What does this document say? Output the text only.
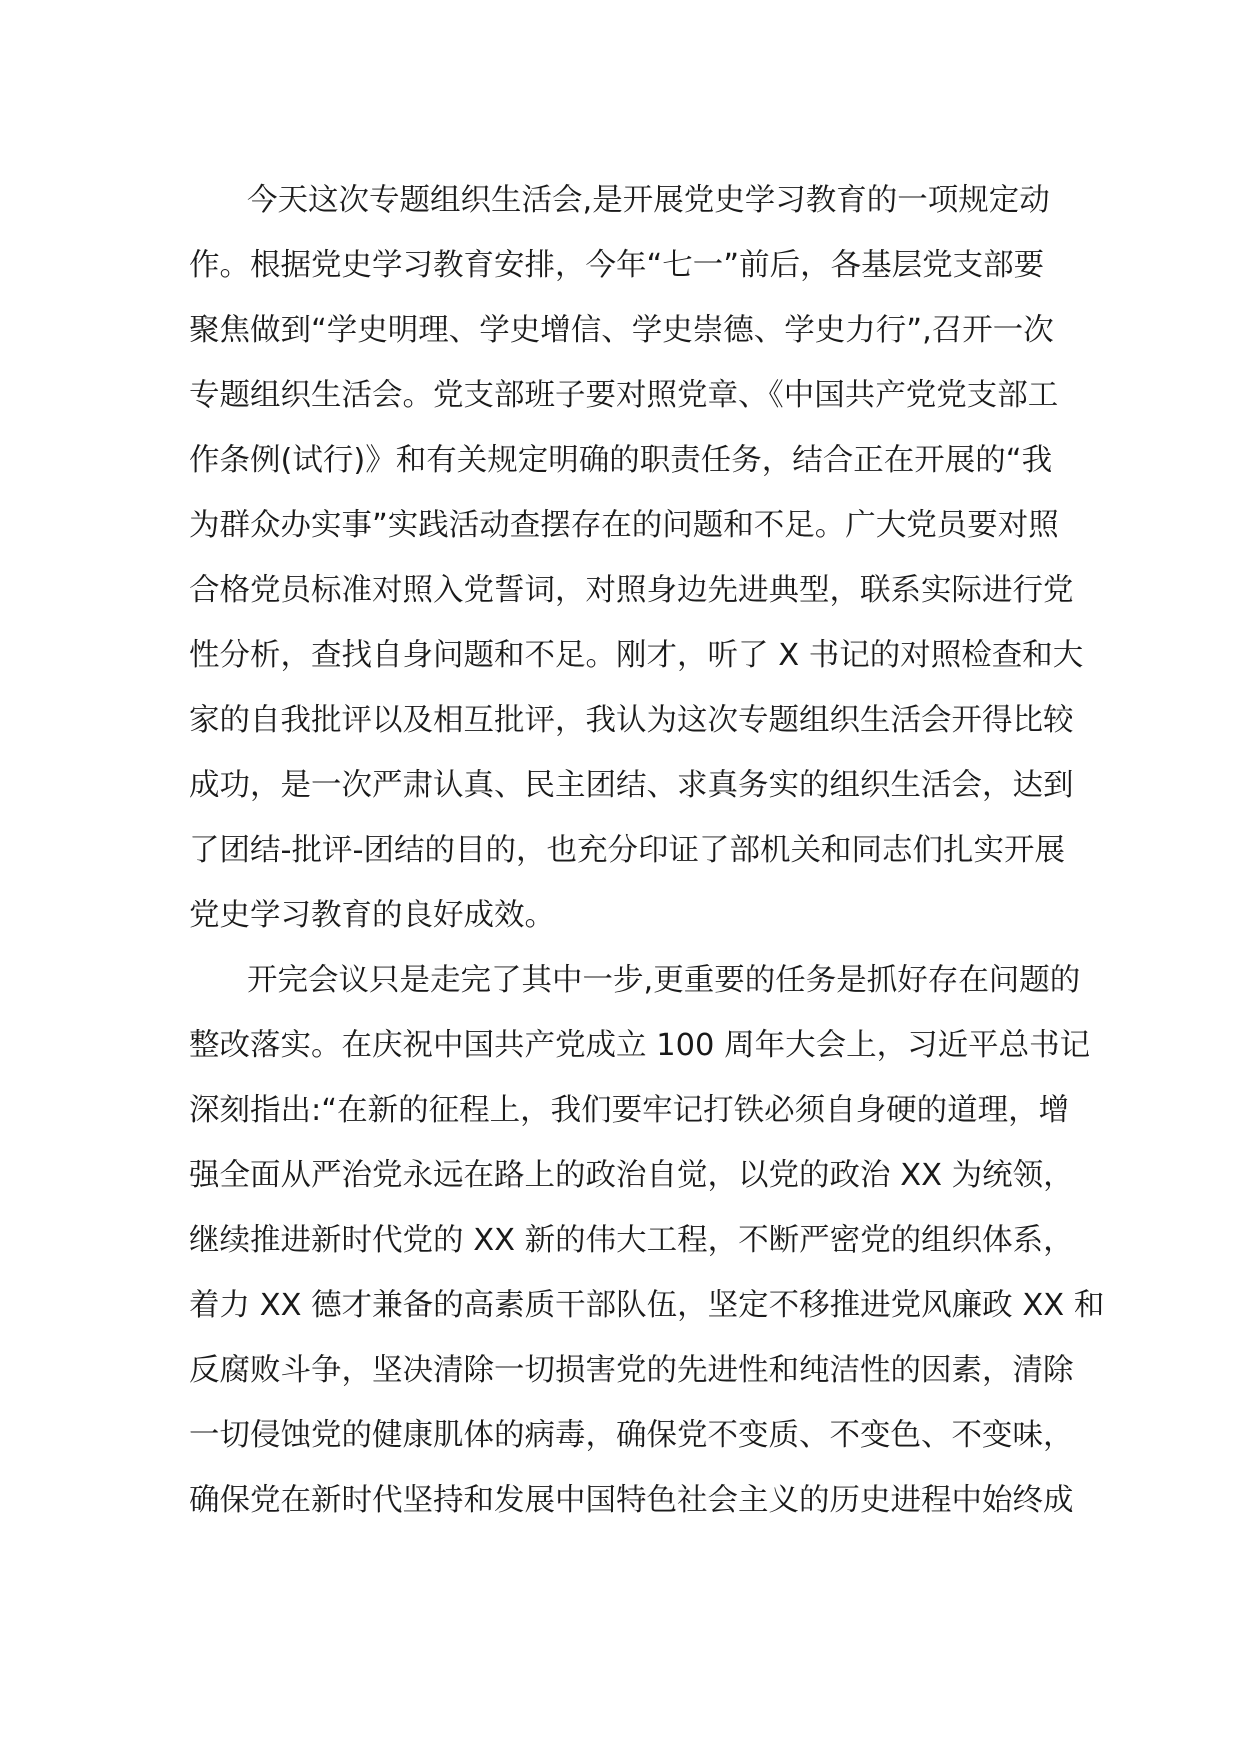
今天这次专题组织生活会,是开展党史学习教育的一项规定动
作。根据党史学习教育安排，今年“七一”前后，各基层党支部要
聚焦做到“学史明理、学史增信、学史崇德、学史力行”,召开一次
专题组织生活会。党支部班子要对照党章、《中国共产党党支部工
作条例(试行)》和有关规定明确的职责任务，结合正在开展的“我
为群众办实事”实践活动查摆存在的问题和不足。广大党员要对照
合格党员标准对照入党誓词，对照身边先进典型，联系实际进行党
性分析，查找自身问题和不足。刚才，听了 X 书记的对照检查和大
家的自我批评以及相互批评，我认为这次专题组织生活会开得比较
成功，是一次严肃认真、民主团结、求真务实的组织生活会，达到
了团结-批评-团结的目的，也充分印证了部机关和同志们扎实开展
党史学习教育的良好成效。
开完会议只是走完了其中一步,更重要的任务是抓好存在问题的
整改落实。在庆祝中国共产党成立 100 周年大会上，习近平总书记
深刻指出:“在新的征程上，我们要牢记打铁必须自身硬的道理，增
强全面从严治党永远在路上的政治自觉，以党的政治 XX 为统领，
继续推进新时代党的 XX 新的伟大工程，不断严密党的组织体系，
着力 XX 德才兼备的高素质干部队伍，坚定不移推进党风廉政 XX 和
反腐败斗争，坚决清除一切损害党的先进性和纯洁性的因素，清除
一切侵蚀党的健康肌体的病毒，确保党不变质、不变色、不变味，
确保党在新时代坚持和发展中国特色社会主义的历史进程中始终成
